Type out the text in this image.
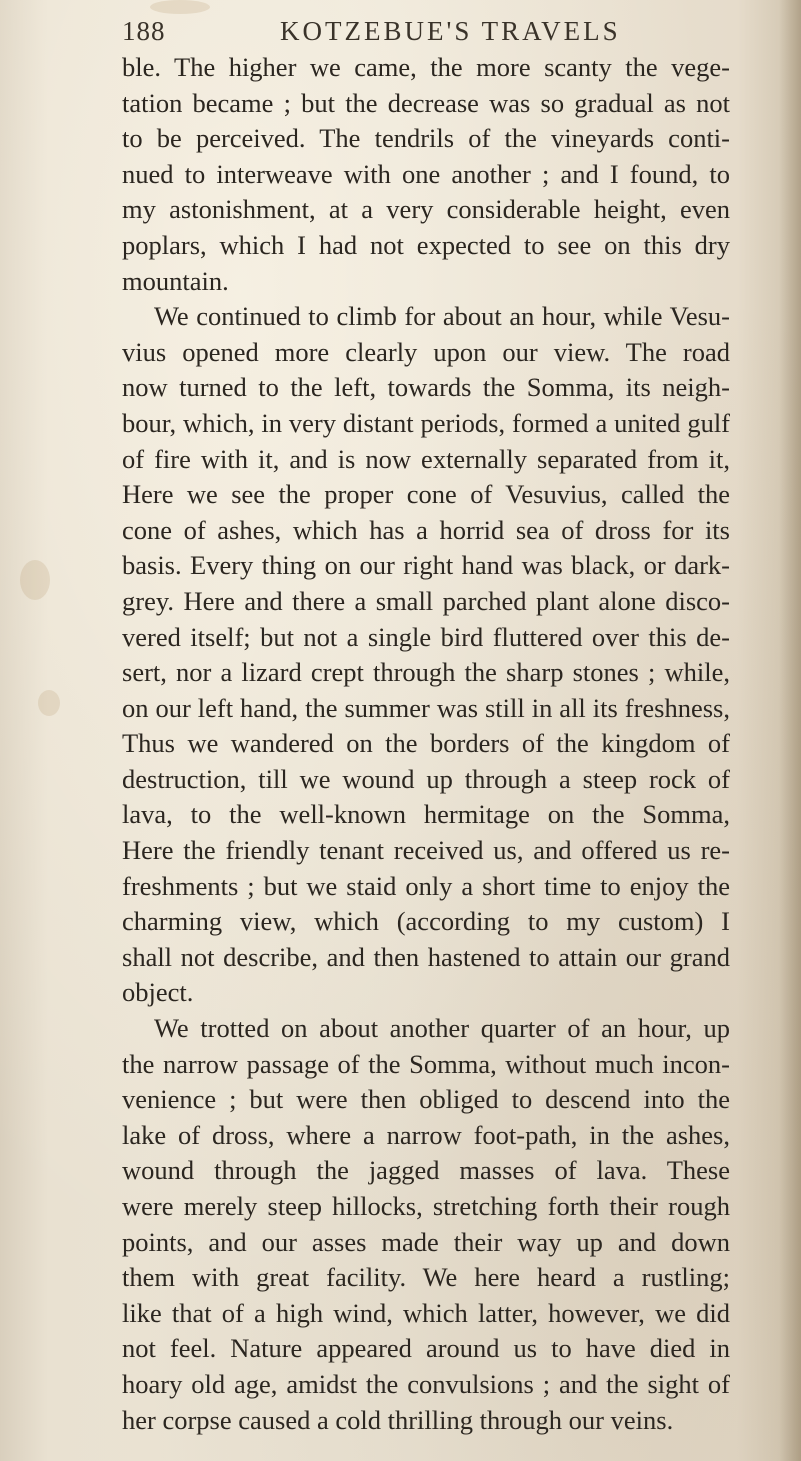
188	KOTZEBUE'S TRAVELS
ble. The higher we came, the more scanty the vege-
tation became ; but the decrease was so gradual as not
to be perceived. The tendrils of the vineyards conti-
nued to interweave with one another ; and I found, to
my astonishment, at a very considerable height, even
poplars, which I had not expected to see on this dry
mountain.
We continued to climb for about an hour, while Vesu-
vius opened more clearly upon our view. The road
now turned to the left, towards the Somma, its neigh-
bour, which, in very distant periods, formed a united gulf
of fire with it, and is now externally separated from it,
Here we see the proper cone of Vesuvius, called the
cone of ashes, which has a horrid sea of dross for its
basis. Every thing on our right hand was black, or dark-
grey. Here and there a small parched plant alone disco-
vered itself; but not a single bird fluttered over this de-
sert, nor a lizard crept through the sharp stones ; while,
on our left hand, the summer was still in all its freshness,
Thus we wandered on the borders of the kingdom of
destruction, till we wound up through a steep rock of
lava, to the well-known hermitage on the Somma,
Here the friendly tenant received us, and offered us re-
freshments ; but we staid only a short time to enjoy the
charming view, which (according to my custom) I
shall not describe, and then hastened to attain our grand
object.
We trotted on about another quarter of an hour, up
the narrow passage of the Somma, without much incon-
venience ; but were then obliged to descend into the
lake of dross, where a narrow foot-path, in the ashes,
wound through the jagged masses of lava. These
were merely steep hillocks, stretching forth their rough
points, and our asses made their way up and down
them with great facility. We here heard a rustling;
like that of a high wind, which latter, however, we did
not feel. Nature appeared around us to have died in
hoary old age, amidst the convulsions ; and the sight of
her corpse caused a cold thrilling through our veins.
